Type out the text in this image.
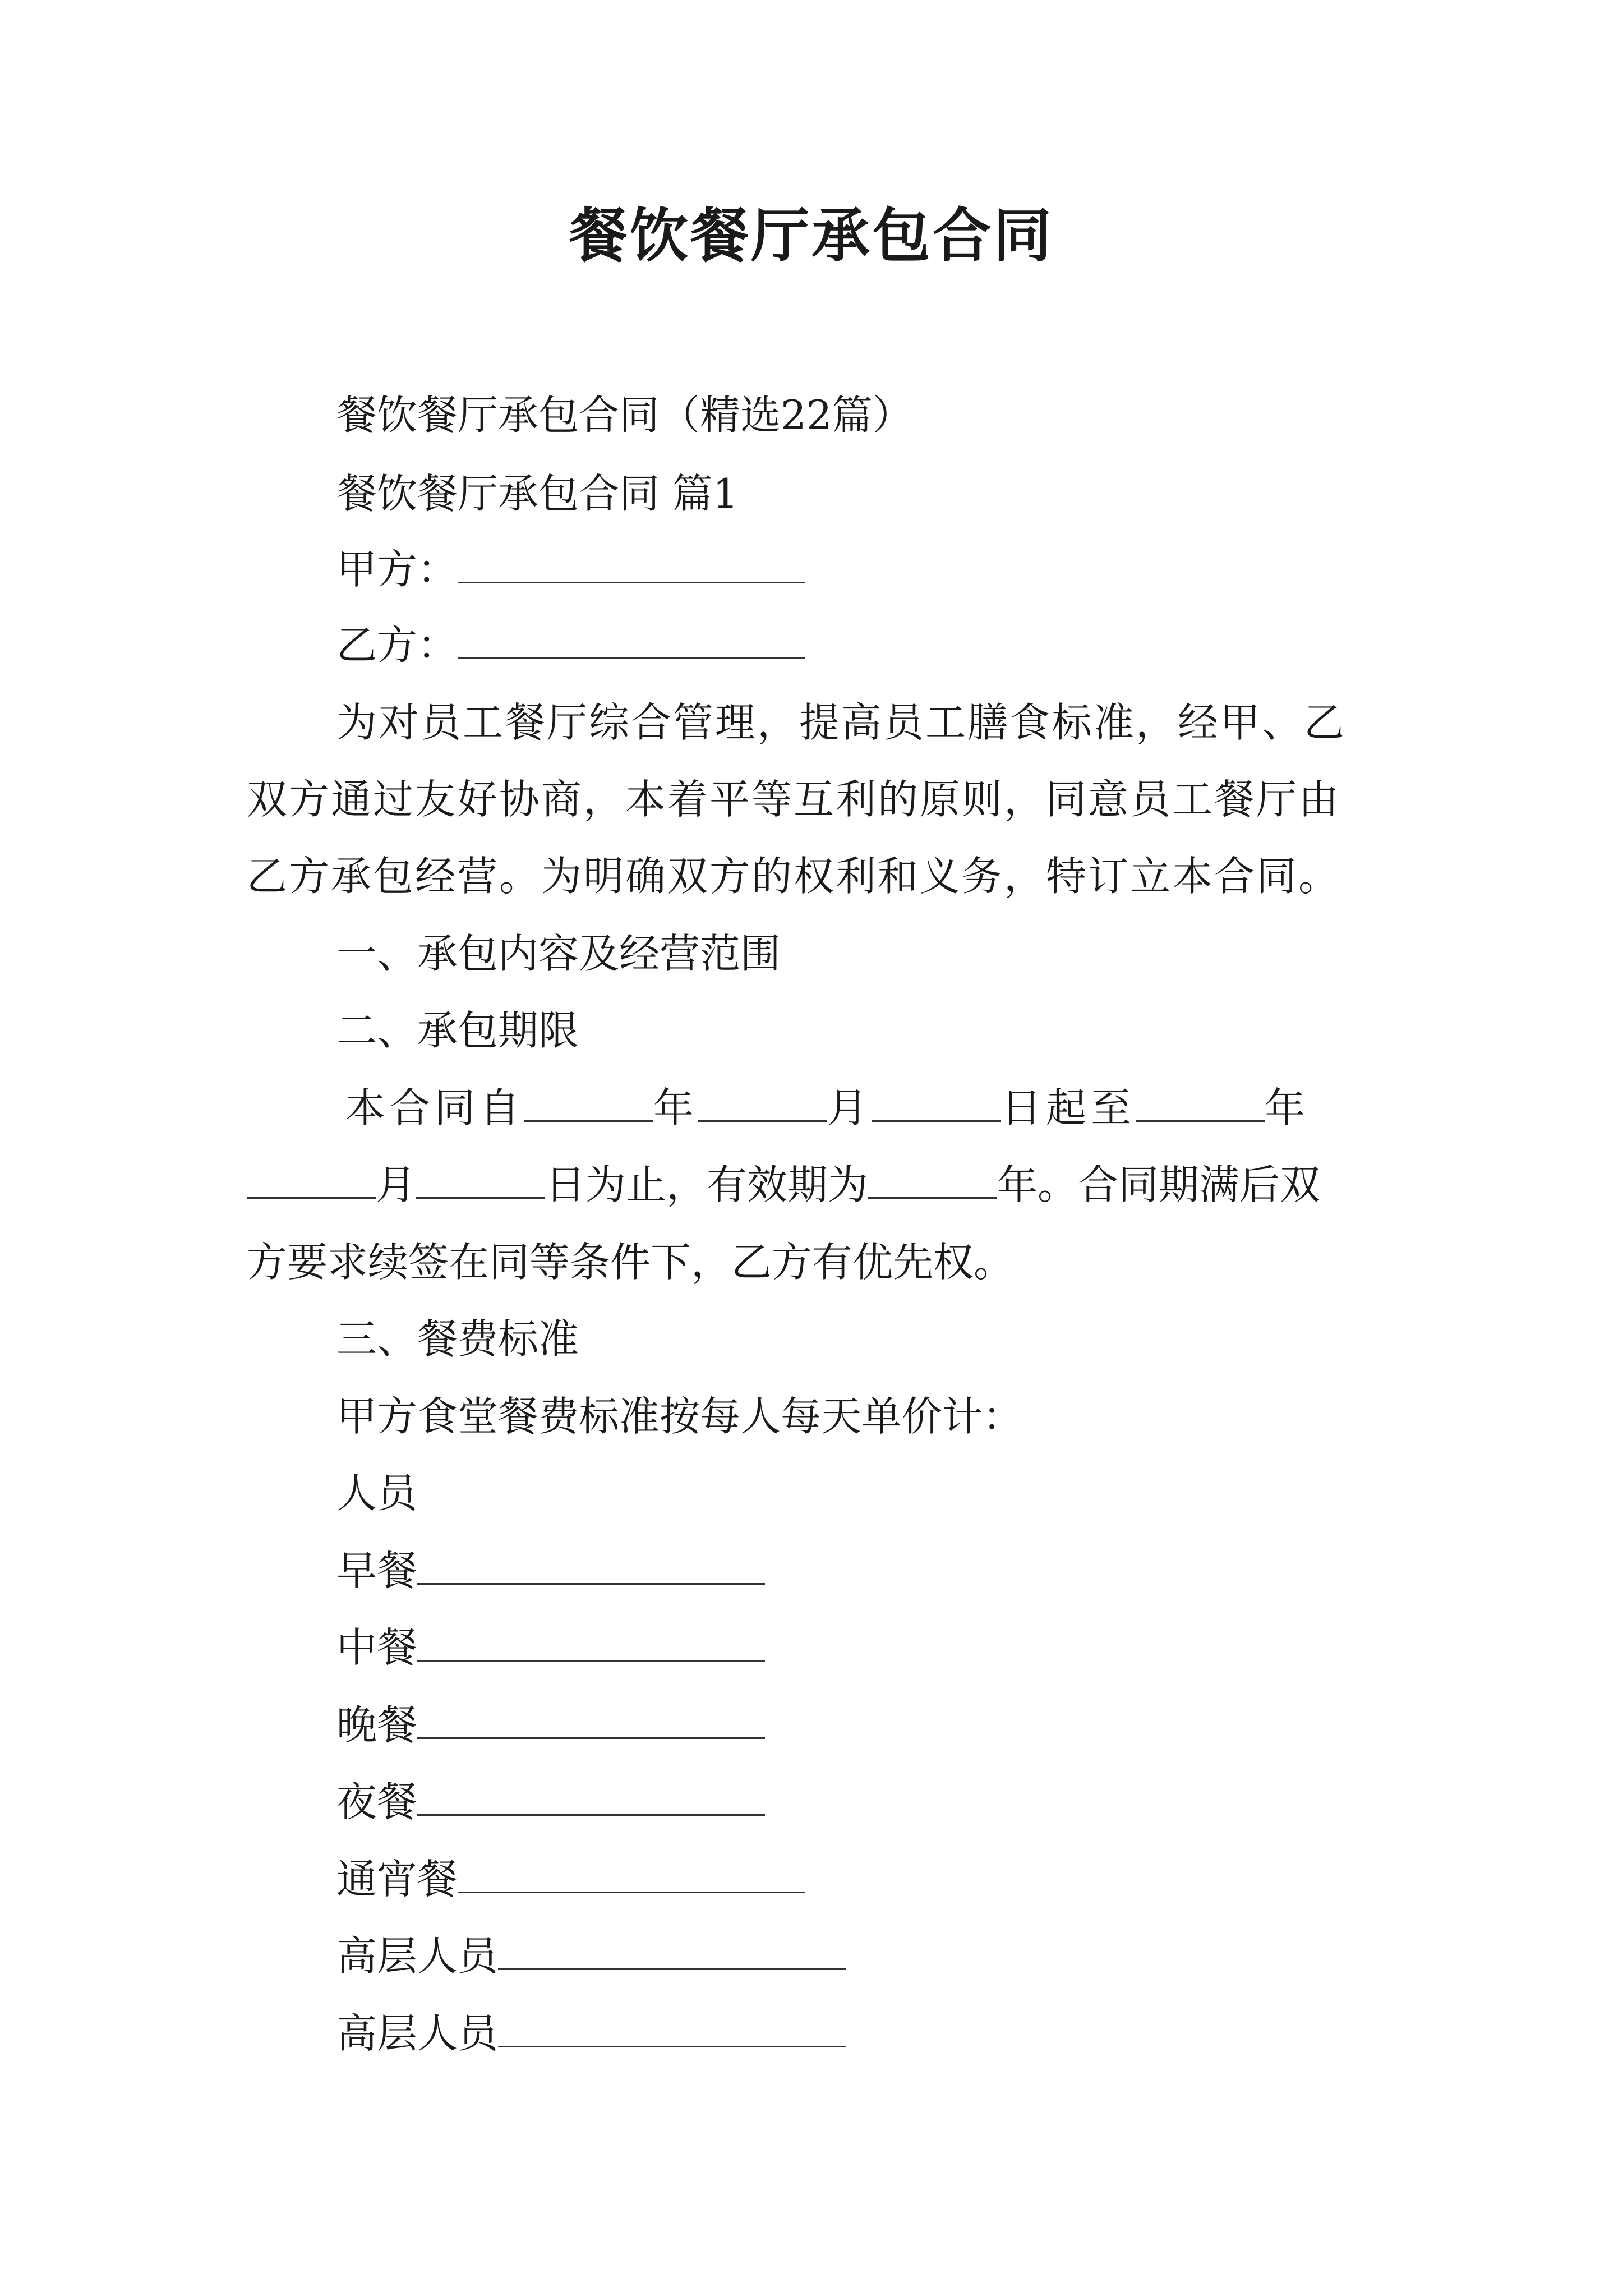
餐饮餐厅承包合同
餐饮餐厅承包合同（精选22篇）
餐饮餐厅承包合同 篇1
甲方：
乙方：
为对员工餐厅综合管理，提高员工膳食标准，经甲、乙
双方通过友好协商，本着平等互利的原则，同意员工餐厅由
乙方承包经营。为明确双方的权利和义务，特订立本合同。
一、承包内容及经营范围
二、承包期限
本合同自	年	月	日起至	年
月	日为止，有效期为	年。合同期满后双
方要求续签在同等条件下，乙方有优先权。
三、餐费标准
甲方食堂餐费标准按每人每天单价计：
人员
早餐
中餐
晚餐
夜餐
通宵餐
高层人员
高层人员
